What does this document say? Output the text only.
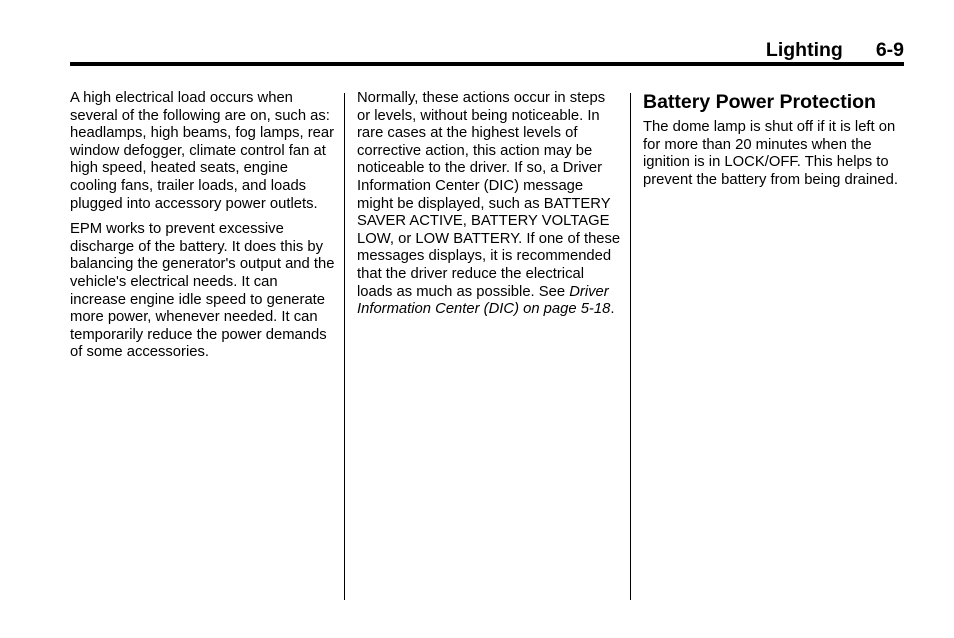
Lighting 6-9

A high electrical load occurs when several of the following are on, such as: headlamps, high beams, fog lamps, rear window defogger, climate control fan at high speed, heated seats, engine cooling fans, trailer loads, and loads plugged into accessory power outlets.

EPM works to prevent excessive discharge of the battery. It does this by balancing the generator's output and the vehicle's electrical needs. It can increase engine idle speed to generate more power, whenever needed. It can temporarily reduce the power demands of some accessories.

Normally, these actions occur in steps or levels, without being noticeable. In rare cases at the highest levels of corrective action, this action may be noticeable to the driver. If so, a Driver Information Center (DIC) message might be displayed, such as BATTERY SAVER ACTIVE, BATTERY VOLTAGE LOW, or LOW BATTERY. If one of these messages displays, it is recommended that the driver reduce the electrical loads as much as possible. See Driver Information Center (DIC) on page 5-18.

Battery Power Protection

The dome lamp is shut off if it is left on for more than 20 minutes when the ignition is in LOCK/OFF. This helps to prevent the battery from being drained.
